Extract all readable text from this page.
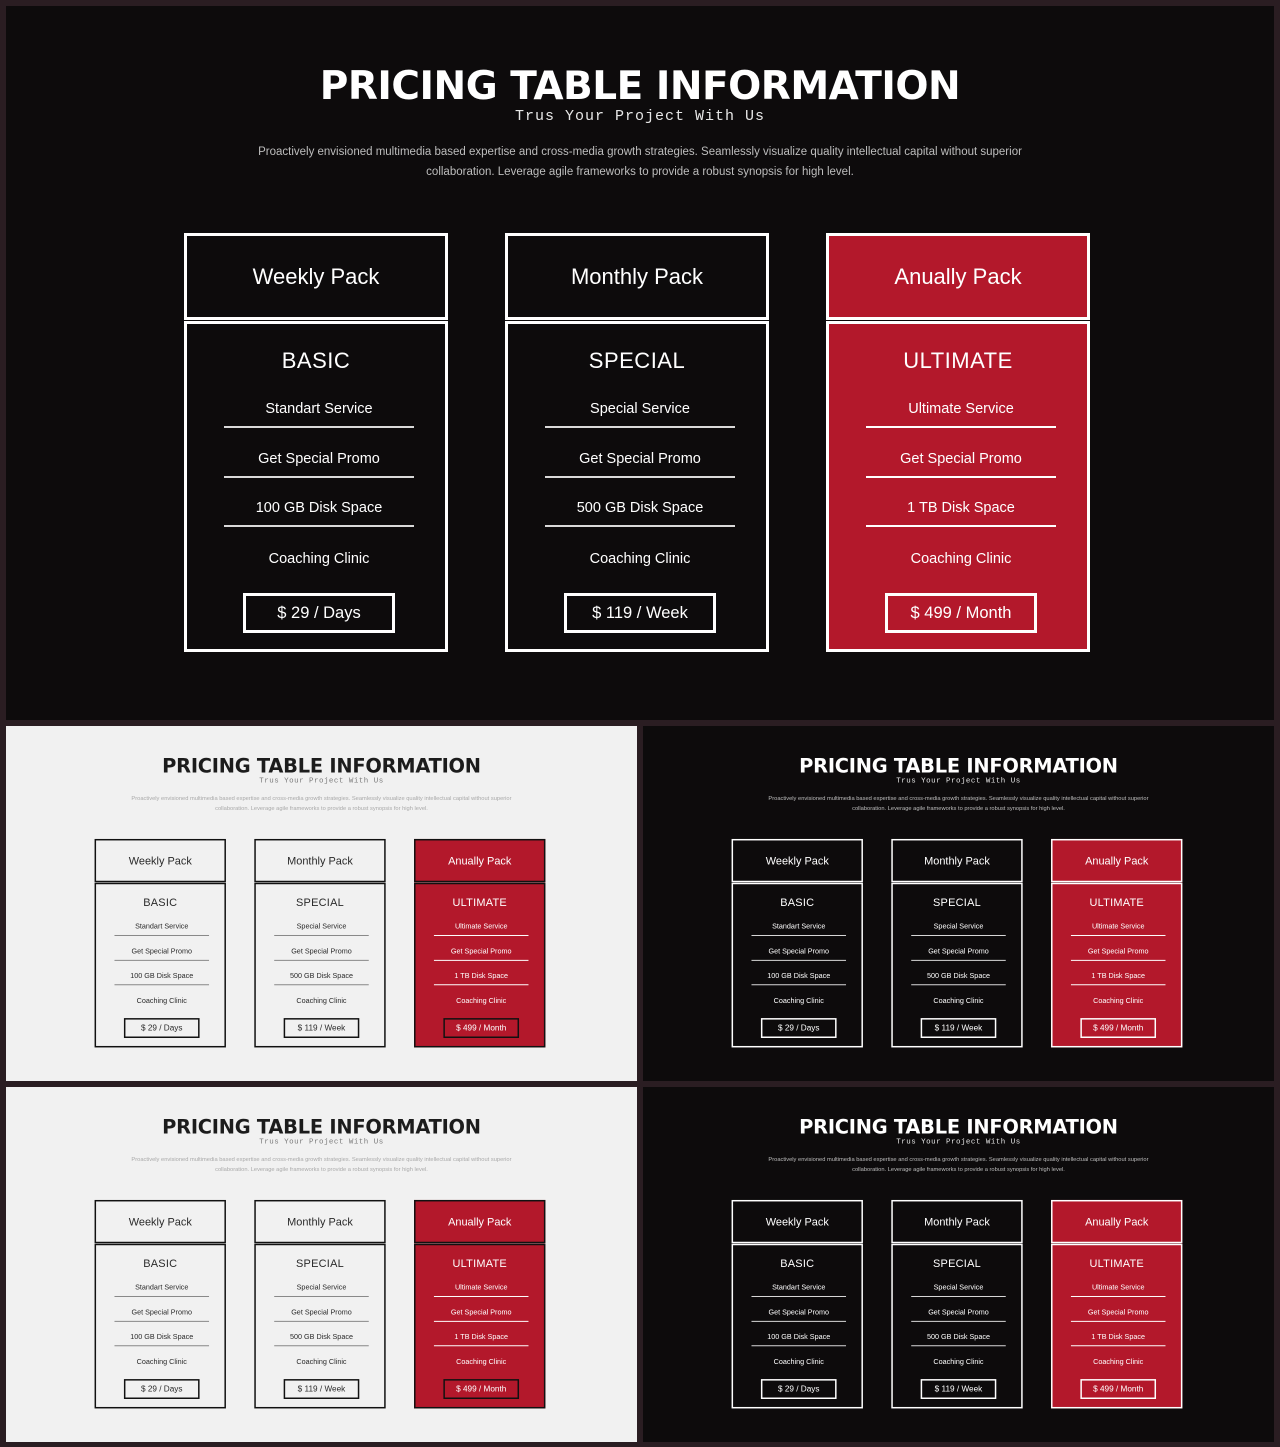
PRICING TABLE INFORMATION
Trus Your Project With Us
Proactively envisioned multimedia based expertise and cross-media growth strategies. Seamlessly visualize quality intellectual capital without superior
collaboration. Leverage agile frameworks to provide a robust synopsis for high level.
Weekly Pack
BASIC
Standart Service
Get Special Promo
100 GB Disk Space
Coaching Clinic
$ 29 / Days
Monthly Pack
SPECIAL
Special Service
Get Special Promo
500 GB Disk Space
Coaching Clinic
$ 119 / Week
Anually Pack
ULTIMATE
Ultimate Service
Get Special Promo
1 TB Disk Space
Coaching Clinic
$ 499 / Month
PRICING TABLE INFORMATION
Trus Your Project With Us
Proactively envisioned multimedia based expertise and cross-media growth strategies. Seamlessly visualize quality intellectual capital without superior
collaboration. Leverage agile frameworks to provide a robust synopsis for high level.
Weekly Pack
BASIC
Standart Service
Get Special Promo
100 GB Disk Space
Coaching Clinic
$ 29 / Days
Monthly Pack
SPECIAL
Special Service
Get Special Promo
500 GB Disk Space
Coaching Clinic
$ 119 / Week
Anually Pack
ULTIMATE
Ultimate Service
Get Special Promo
1 TB Disk Space
Coaching Clinic
$ 499 / Month
PRICING TABLE INFORMATION
Trus Your Project With Us
Proactively envisioned multimedia based expertise and cross-media growth strategies. Seamlessly visualize quality intellectual capital without superior
collaboration. Leverage agile frameworks to provide a robust synopsis for high level.
Weekly Pack
BASIC
Standart Service
Get Special Promo
100 GB Disk Space
Coaching Clinic
$ 29 / Days
Monthly Pack
SPECIAL
Special Service
Get Special Promo
500 GB Disk Space
Coaching Clinic
$ 119 / Week
Anually Pack
ULTIMATE
Ultimate Service
Get Special Promo
1 TB Disk Space
Coaching Clinic
$ 499 / Month
PRICING TABLE INFORMATION
Trus Your Project With Us
Proactively envisioned multimedia based expertise and cross-media growth strategies. Seamlessly visualize quality intellectual capital without superior
collaboration. Leverage agile frameworks to provide a robust synopsis for high level.
Weekly Pack
BASIC
Standart Service
Get Special Promo
100 GB Disk Space
Coaching Clinic
$ 29 / Days
Monthly Pack
SPECIAL
Special Service
Get Special Promo
500 GB Disk Space
Coaching Clinic
$ 119 / Week
Anually Pack
ULTIMATE
Ultimate Service
Get Special Promo
1 TB Disk Space
Coaching Clinic
$ 499 / Month
PRICING TABLE INFORMATION
Trus Your Project With Us
Proactively envisioned multimedia based expertise and cross-media growth strategies. Seamlessly visualize quality intellectual capital without superior
collaboration. Leverage agile frameworks to provide a robust synopsis for high level.
Weekly Pack
BASIC
Standart Service
Get Special Promo
100 GB Disk Space
Coaching Clinic
$ 29 / Days
Monthly Pack
SPECIAL
Special Service
Get Special Promo
500 GB Disk Space
Coaching Clinic
$ 119 / Week
Anually Pack
ULTIMATE
Ultimate Service
Get Special Promo
1 TB Disk Space
Coaching Clinic
$ 499 / Month
